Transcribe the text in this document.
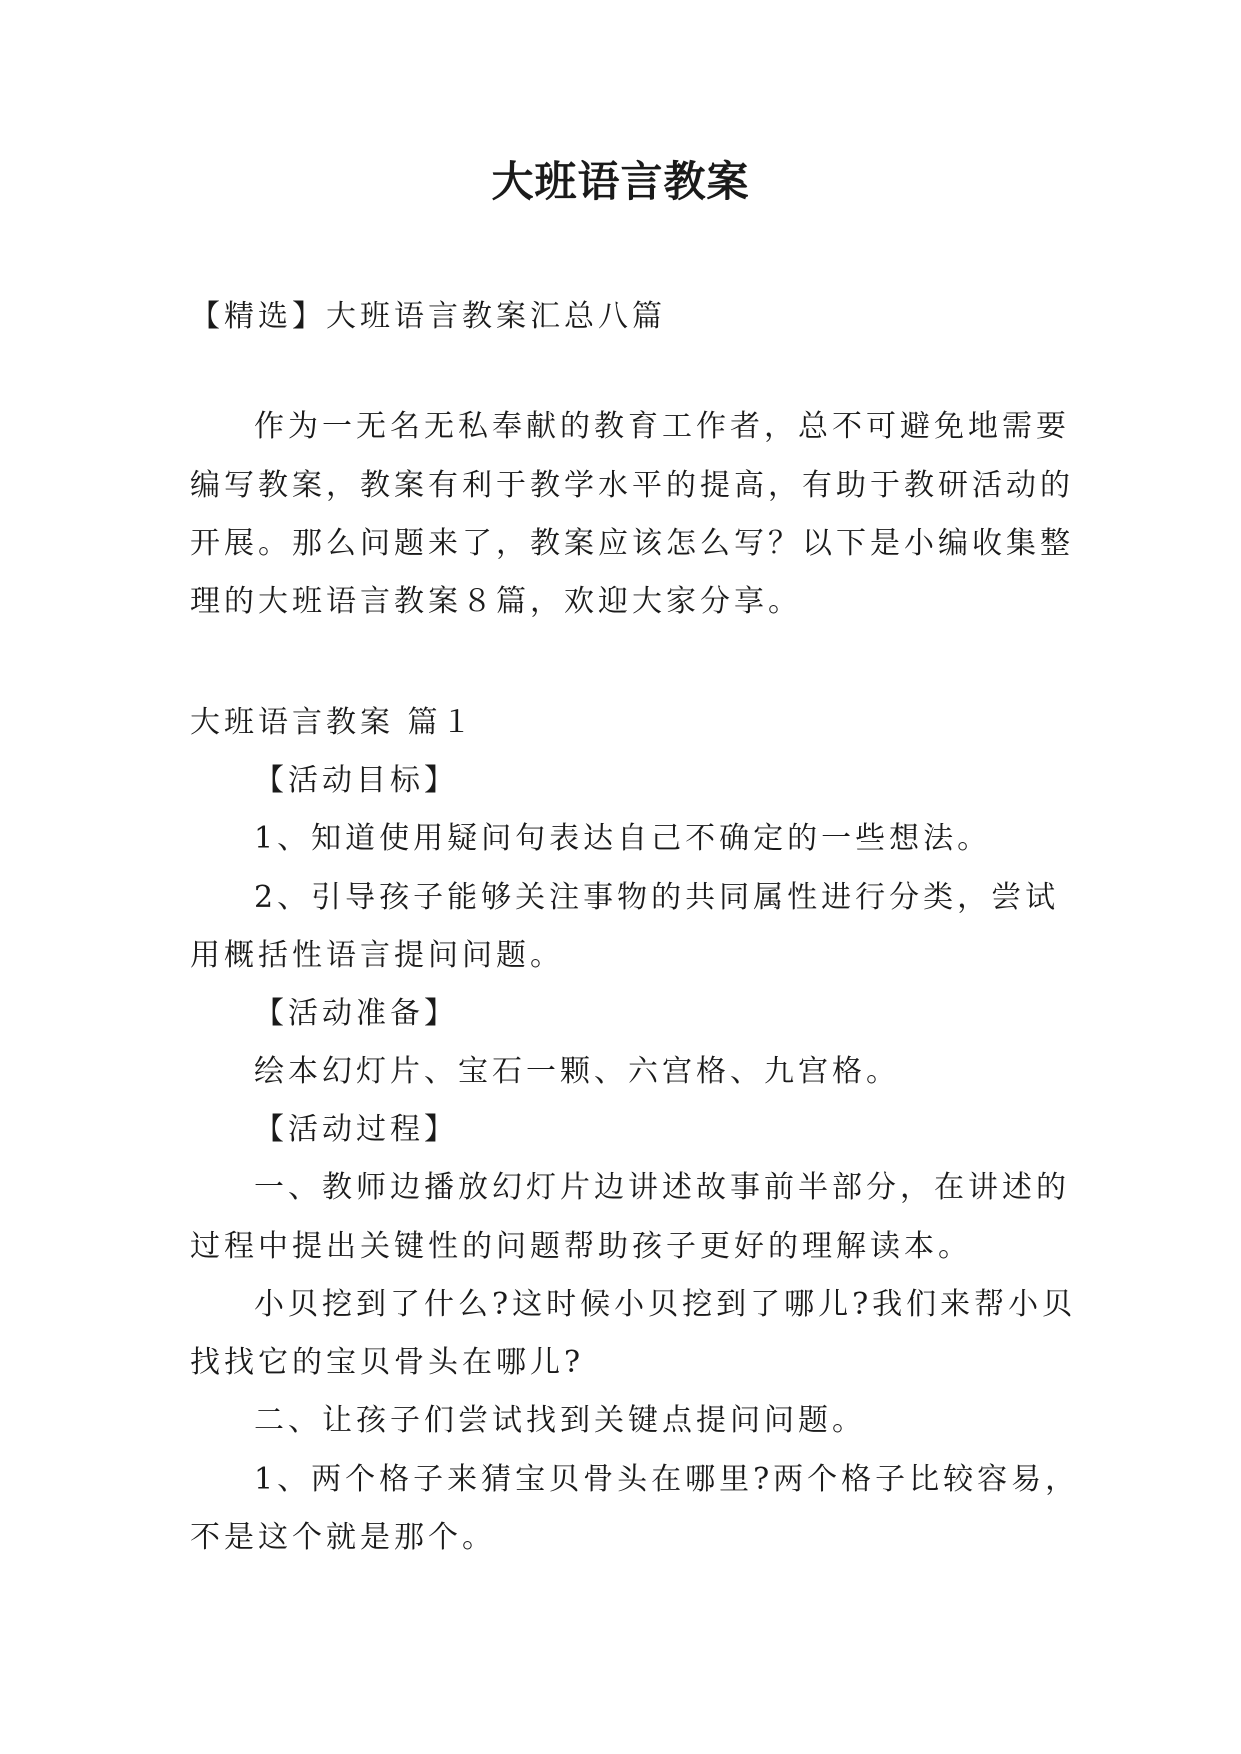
大班语言教案
【精选】大班语言教案汇总八篇
作为一无名无私奉献的教育工作者，总不可避免地需要
编写教案，教案有利于教学水平的提高，有助于教研活动的
开展。那么问题来了，教案应该怎么写？以下是小编收集整
理的大班语言教案８篇，欢迎大家分享。
大班语言教案 篇１
【活动目标】
1、知道使用疑问句表达自己不确定的一些想法。
2、引导孩子能够关注事物的共同属性进行分类，尝试
用概括性语言提问问题。
【活动准备】
绘本幻灯片、宝石一颗、六宫格、九宫格。
【活动过程】
一、教师边播放幻灯片边讲述故事前半部分，在讲述的
过程中提出关键性的问题帮助孩子更好的理解读本。
小贝挖到了什么?这时候小贝挖到了哪儿?我们来帮小贝
找找它的宝贝骨头在哪儿?
二、让孩子们尝试找到关键点提问问题。
1、两个格子来猜宝贝骨头在哪里?两个格子比较容易，
不是这个就是那个。
